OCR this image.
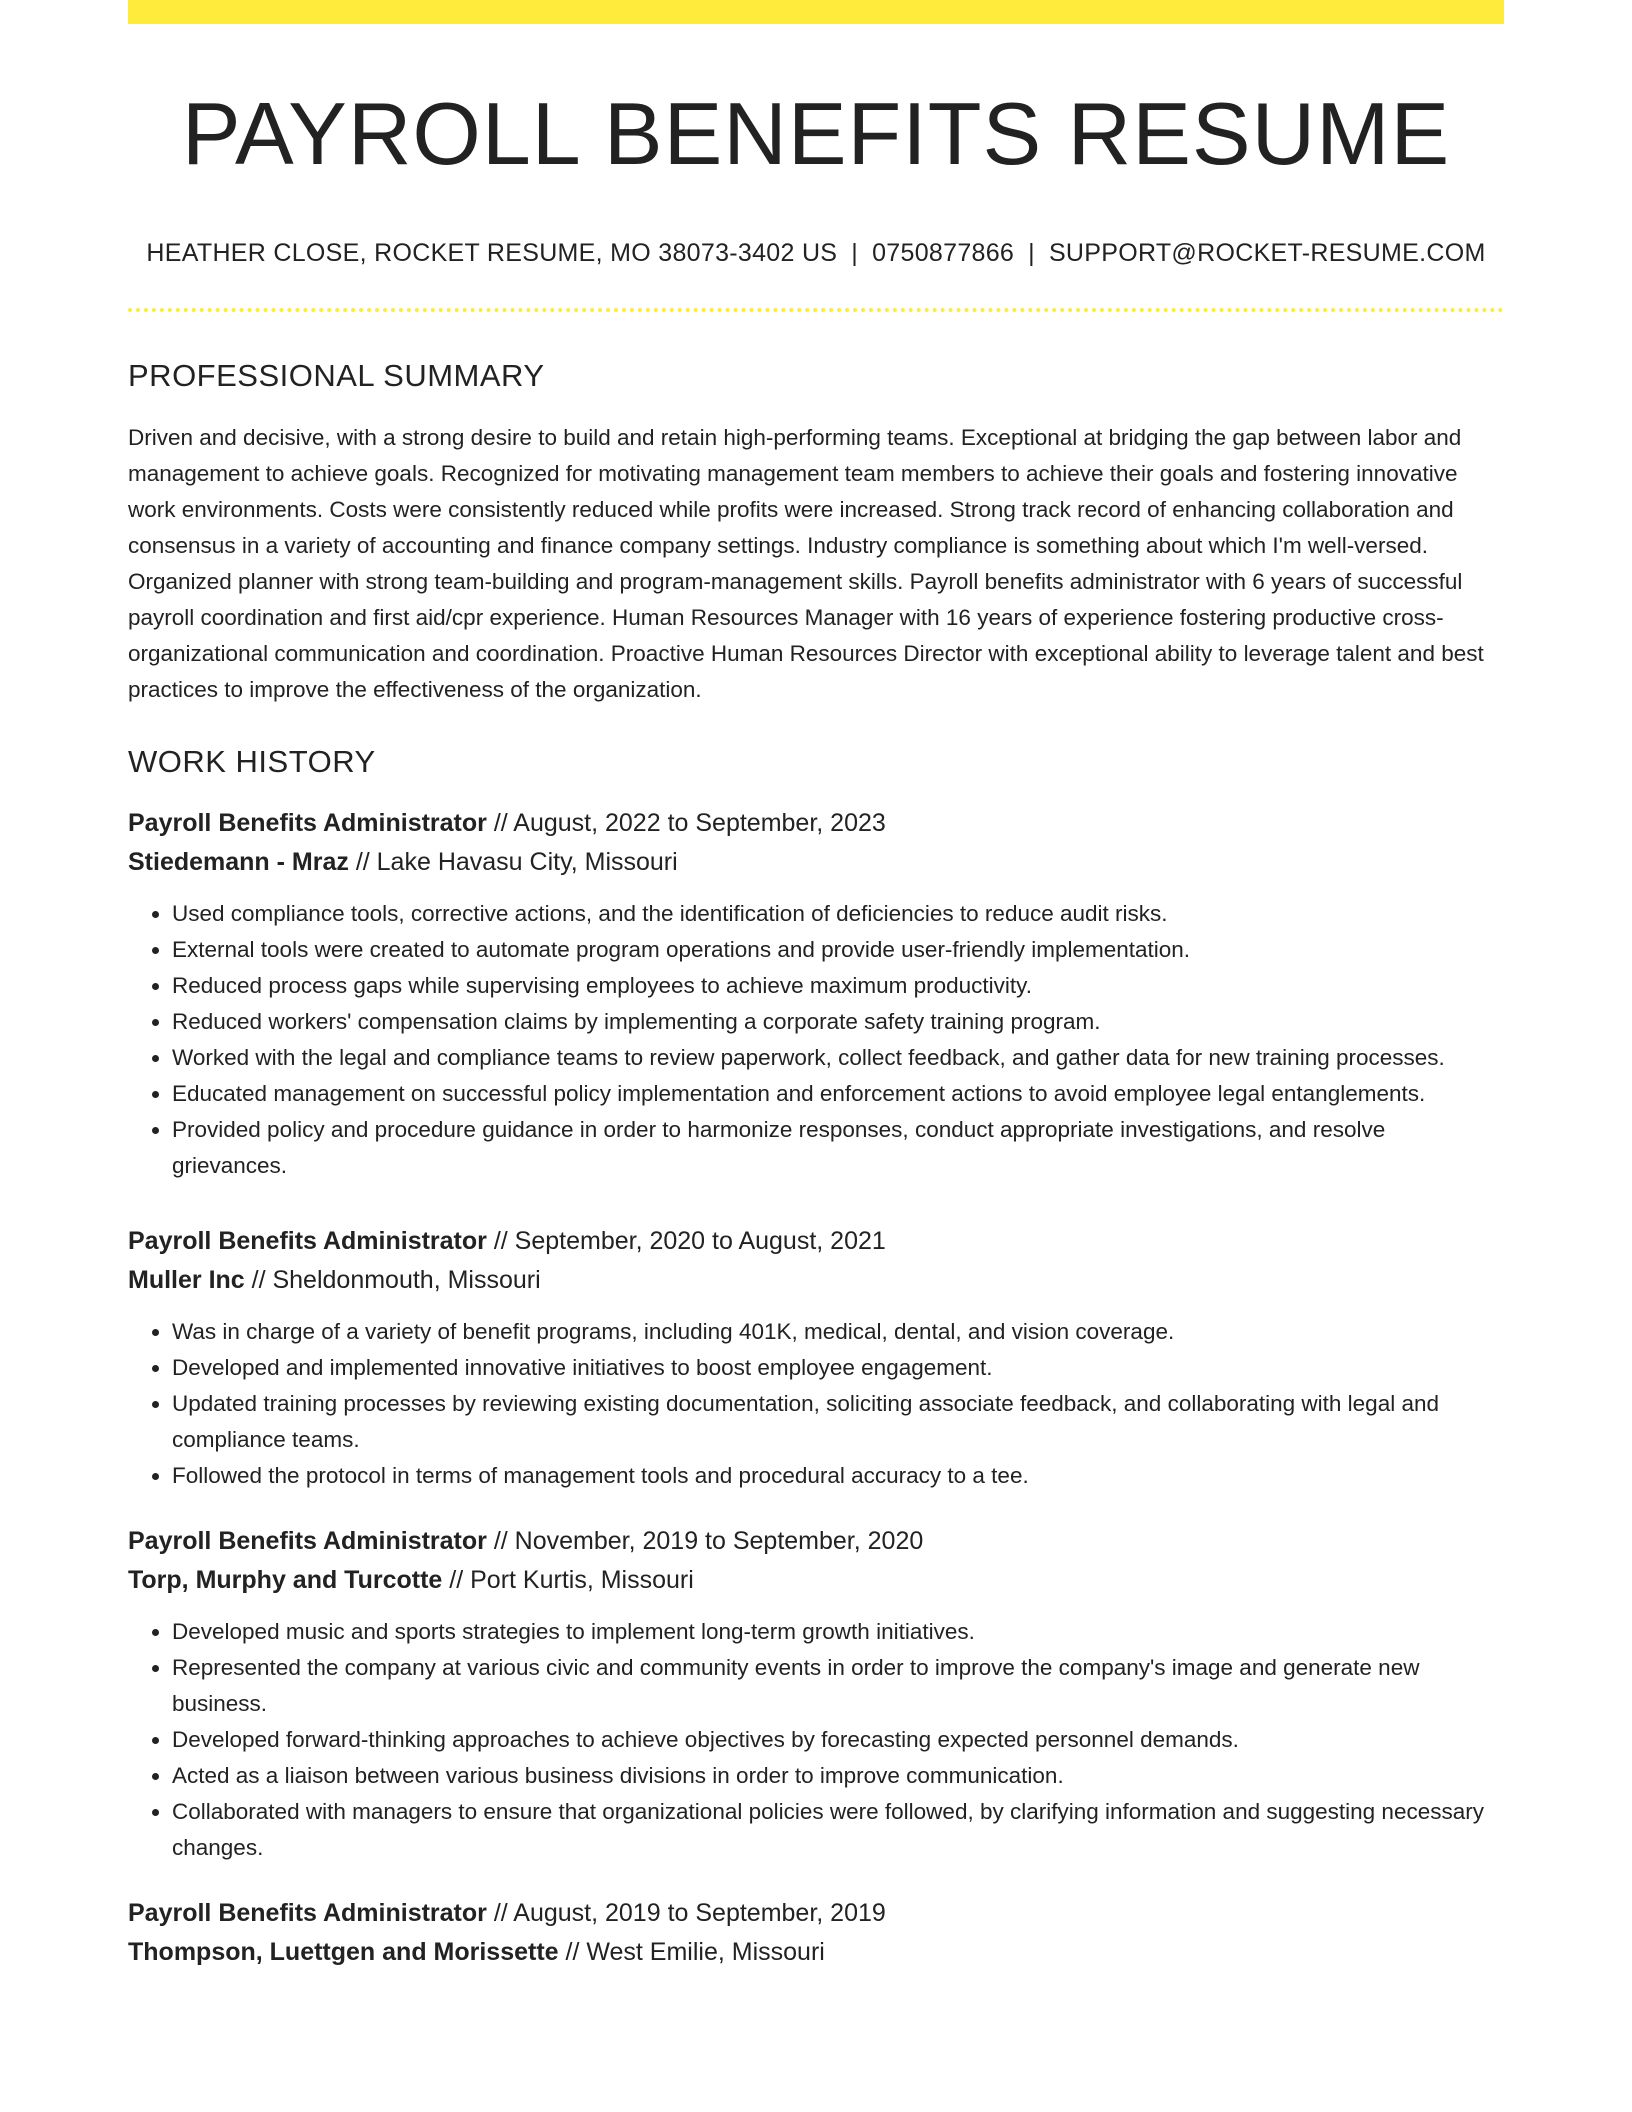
PAYROLL BENEFITS RESUME
HEATHER CLOSE, ROCKET RESUME, MO 38073-3402 US | 0750877866 | SUPPORT@ROCKET-RESUME.COM
PROFESSIONAL SUMMARY

Driven and decisive, with a strong desire to build and retain high-performing teams. Exceptional at bridging the gap between labor and management to achieve goals. Recognized for motivating management team members to achieve their goals and fostering innovative work environments. Costs were consistently reduced while profits were increased. Strong track record of enhancing collaboration and consensus in a variety of accounting and finance company settings. Industry compliance is something about which I'm well-versed. Organized planner with strong team-building and program-management skills. Payroll benefits administrator with 6 years of successful payroll coordination and first aid/cpr experience. Human Resources Manager with 16 years of experience fostering productive cross-organizational communication and coordination. Proactive Human Resources Director with exceptional ability to leverage talent and best practices to improve the effectiveness of the organization.

WORK HISTORY
Payroll Benefits Administrator // August, 2022 to September, 2023
Stiedemann - Mraz // Lake Havasu City, Missouri
• Used compliance tools, corrective actions, and the identification of deficiencies to reduce audit risks.
• External tools were created to automate program operations and provide user-friendly implementation.
• Reduced process gaps while supervising employees to achieve maximum productivity.
• Reduced workers' compensation claims by implementing a corporate safety training program.
• Worked with the legal and compliance teams to review paperwork, collect feedback, and gather data for new training processes.
• Educated management on successful policy implementation and enforcement actions to avoid employee legal entanglements.
• Provided policy and procedure guidance in order to harmonize responses, conduct appropriate investigations, and resolve grievances.
Payroll Benefits Administrator // September, 2020 to August, 2021
Muller Inc // Sheldonmouth, Missouri
• Was in charge of a variety of benefit programs, including 401K, medical, dental, and vision coverage.
• Developed and implemented innovative initiatives to boost employee engagement.
• Updated training processes by reviewing existing documentation, soliciting associate feedback, and collaborating with legal and compliance teams.
• Followed the protocol in terms of management tools and procedural accuracy to a tee.
Payroll Benefits Administrator // November, 2019 to September, 2020
Torp, Murphy and Turcotte // Port Kurtis, Missouri
• Developed music and sports strategies to implement long-term growth initiatives.
• Represented the company at various civic and community events in order to improve the company's image and generate new business.
• Developed forward-thinking approaches to achieve objectives by forecasting expected personnel demands.
• Acted as a liaison between various business divisions in order to improve communication.
• Collaborated with managers to ensure that organizational policies were followed, by clarifying information and suggesting necessary changes.
Payroll Benefits Administrator // August, 2019 to September, 2019
Thompson, Luettgen and Morissette // West Emilie, Missouri
